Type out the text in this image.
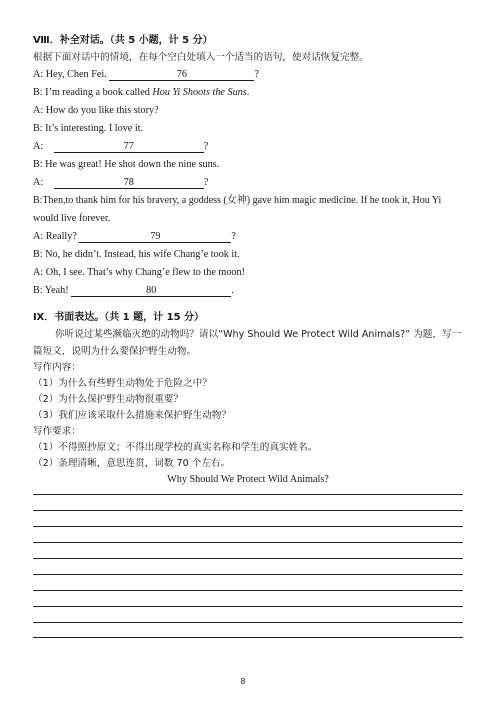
Ⅷ．补全对话。（共 5 小题，计 5 分）
根据下面对话中的情境，在每个空白处填入一个适当的语句，使对话恢复完整。
A: Hey, Chen Fei.	76	?
B: I’m reading a book called Hou Yi Shoots the Suns.
A: How do you like this story?
B: It’s interesting. I love it.
A:	77	?
B: He was great! He shot down the nine suns.
A:	78	?
B:Then,to thank him for his bravery, a goddess (女神) gave him magic medicine. If he took it, Hou Yi
would live forever.
A: Really?	79	?
B: No, he didn’t. Instead, his wife Chang’e took it.
A: Oh, I see. That’s why Chang’e flew to the moon!
B: Yeah!	80	.
Ⅸ．书面表达。（共 1 题，计 15 分）
你听说过某些濒临灭绝的动物吗？请以“Why Should We Protect Wild Animals?” 为题，写一
篇短文，说明为什么要保护野生动物。
写作内容：
（1）为什么有些野生动物处于危险之中？
（2）为什么保护野生动物很重要？
（3）我们应该采取什么措施来保护野生动物？
写作要求：
（1）不得照抄原文；不得出现学校的真实名称和学生的真实姓名。
（2）条理清晰，意思连贯，词数 70 个左右。
Why Should We Protect Wild Animals?
8
